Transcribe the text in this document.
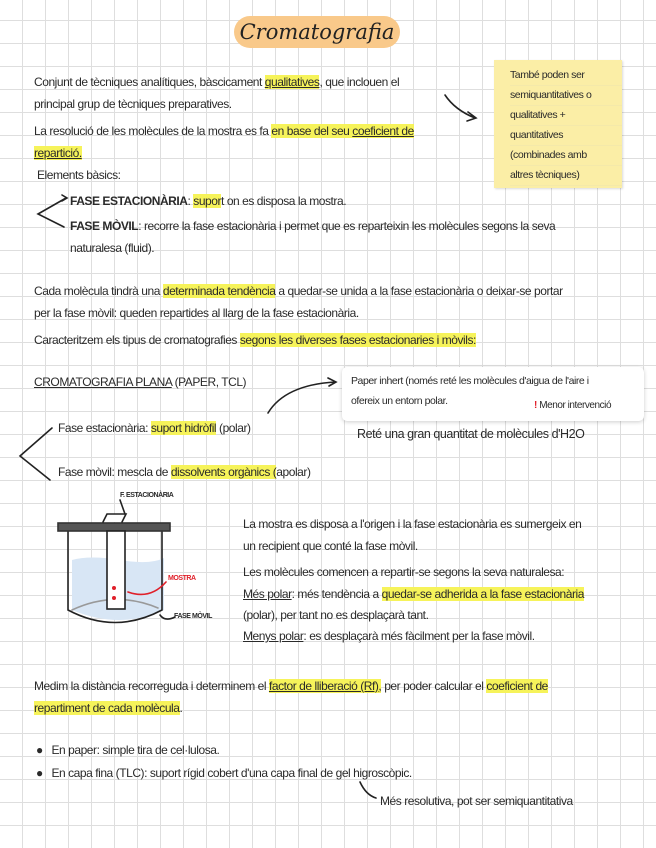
Cromatografia
Conjunt de tècniques analítiques, bàscicament qualitatives, que inclouen el
principal grup de tècniques preparatives.
La resolució de les molècules de la mostra es fa en base del seu coeficient de
repartició.
També poden ser
semiquantitatives o
qualitatives +
quantitatives
(combinades amb
altres tècniques)
Elements bàsics:
FASE ESTACIONÀRIA: suport on es disposa la mostra.
FASE MÒVIL: recorre la fase estacionària i permet que es reparteixin les molècules segons la seva
naturalesa (fluid).
Cada molècula tindrà una determinada tendència a quedar-se unida a la fase estacionària o deixar-se portar
per la fase mòvil: queden repartides al llarg de la fase estacionària.
Caracteritzem els tipus de cromatografies segons les diverses fases estacionaries i mòvils:
CROMATOGRAFIA PLANA (PAPER, TCL)
Fase estacionària: suport hidròfil (polar)
Fase mòvil: mescla de dissolvents orgànics (apolar)
Paper inhert (només reté les molècules d'aigua de l'aire i
ofereix un entorn polar.	! Menor intervenció
Reté una gran quantitat de molècules d'H2O
F. ESTACIONÀRIA
MOSTRA
FASE MÒVIL
La mostra es disposa a l'origen i la fase estacionària es sumergeix en
un recipient que conté la fase mòvil.
Les molècules comencen a repartir-se segons la seva naturalesa:
Més polar: més tendència a quedar-se adherida a la fase estacionària
(polar), per tant no es desplaçarà tant.
Menys polar: es desplaçarà més fàcilment per la fase mòvil.
Medim la distància recorreguda i determinem el factor de lliberació (Rf), per poder calcular el coeficient de
repartiment de cada molècula.
● En paper: simple tira de cel·lulosa.
● En capa fina (TLC): suport rígid cobert d'una capa final de gel higroscòpic.
Més resolutiva, pot ser semiquantitativa
